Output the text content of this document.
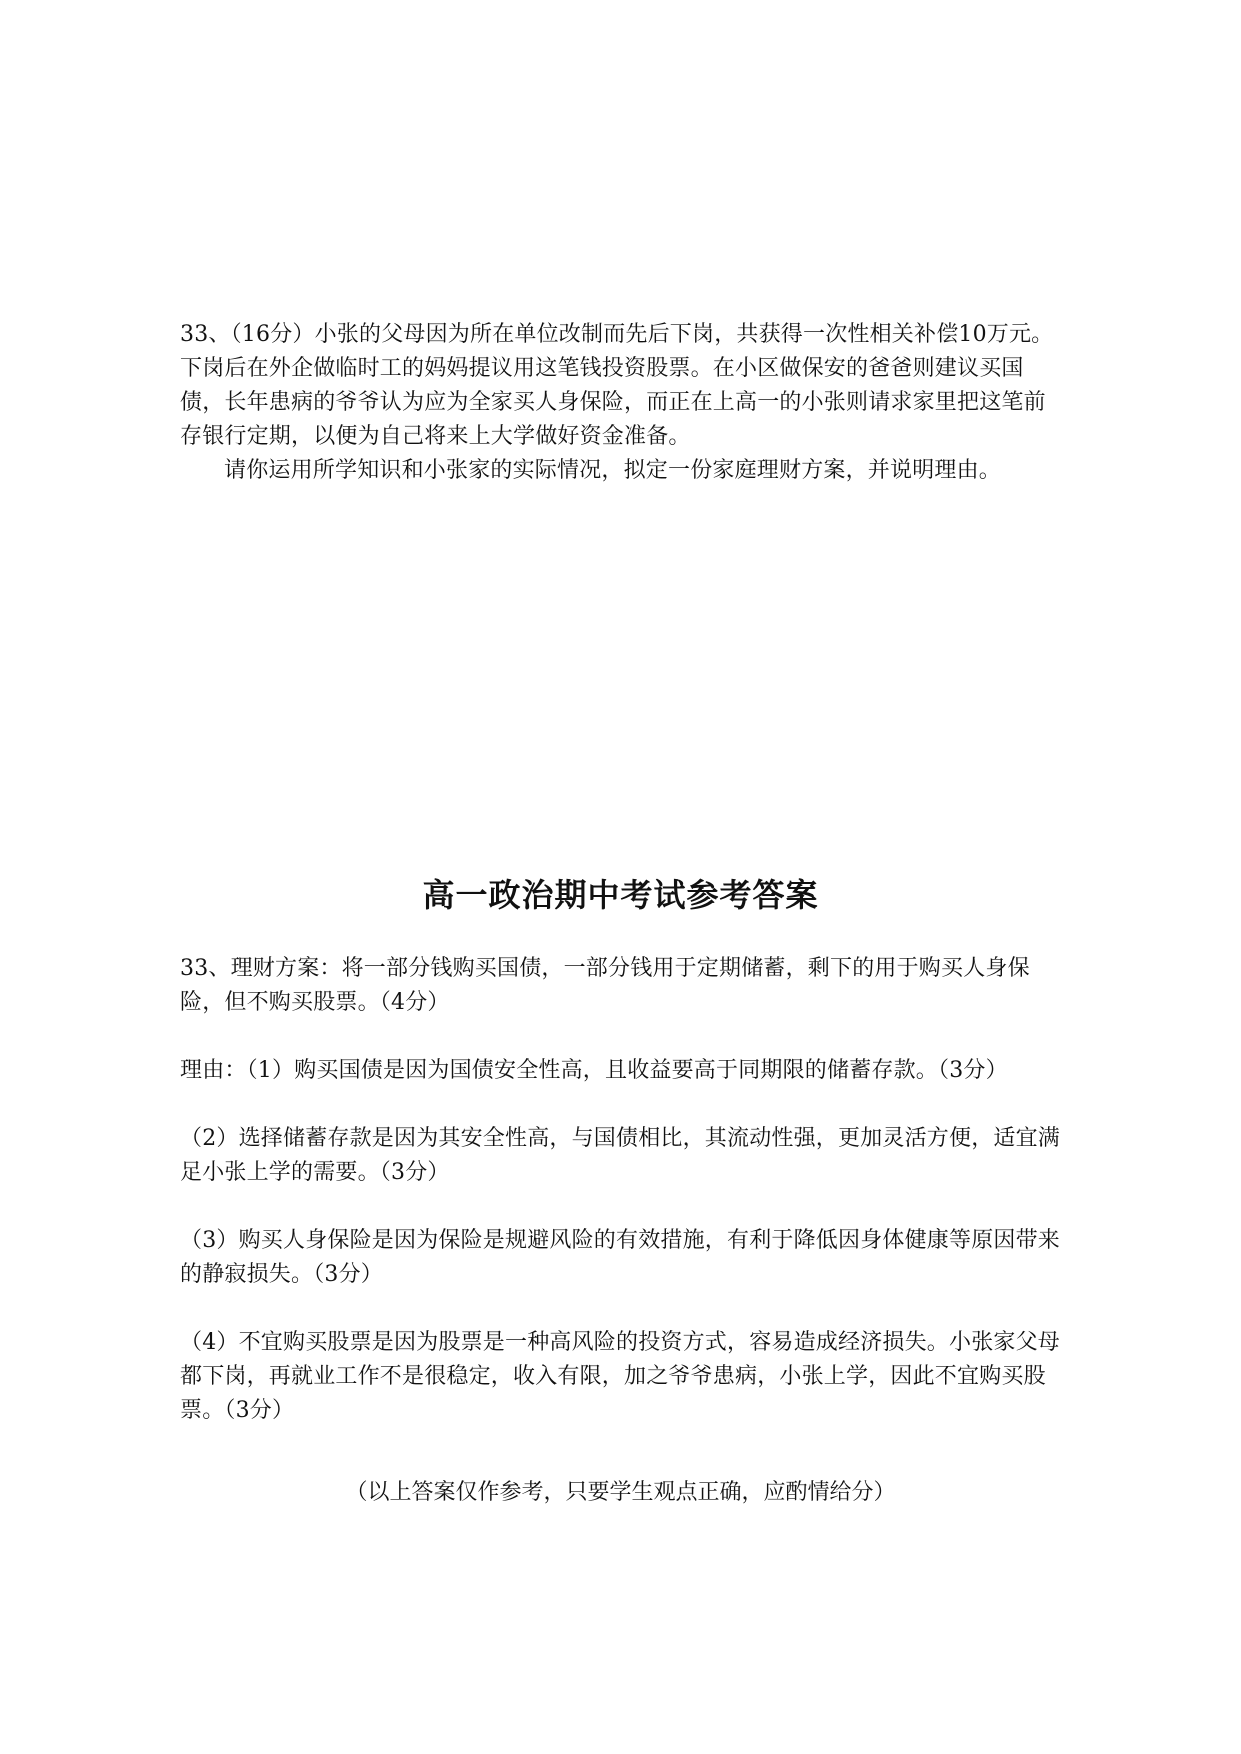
33、（16分）小张的父母因为所在单位改制而先后下岗，共获得一次性相关补偿10万元。下岗后在外企做临时工的妈妈提议用这笔钱投资股票。在小区做保安的爸爸则建议买国债，长年患病的爷爷认为应为全家买人身保险，而正在上高一的小张则请求家里把这笔前存银行定期，以便为自己将来上大学做好资金准备。

请你运用所学知识和小张家的实际情况，拟定一份家庭理财方案，并说明理由。

高一政治期中考试参考答案

33、理财方案：将一部分钱购买国债，一部分钱用于定期储蓄，剩下的用于购买人身保险，但不购买股票。（4分）

理由：（1）购买国债是因为国债安全性高，且收益要高于同期限的储蓄存款。（3分）

（2）选择储蓄存款是因为其安全性高，与国债相比，其流动性强，更加灵活方便，适宜满足小张上学的需要。（3分）

（3）购买人身保险是因为保险是规避风险的有效措施，有利于降低因身体健康等原因带来的静寂损失。（3分）

（4）不宜购买股票是因为股票是一种高风险的投资方式，容易造成经济损失。小张家父母都下岗，再就业工作不是很稳定，收入有限，加之爷爷患病，小张上学，因此不宜购买股票。（3分）

（以上答案仅作参考，只要学生观点正确，应酌情给分）
